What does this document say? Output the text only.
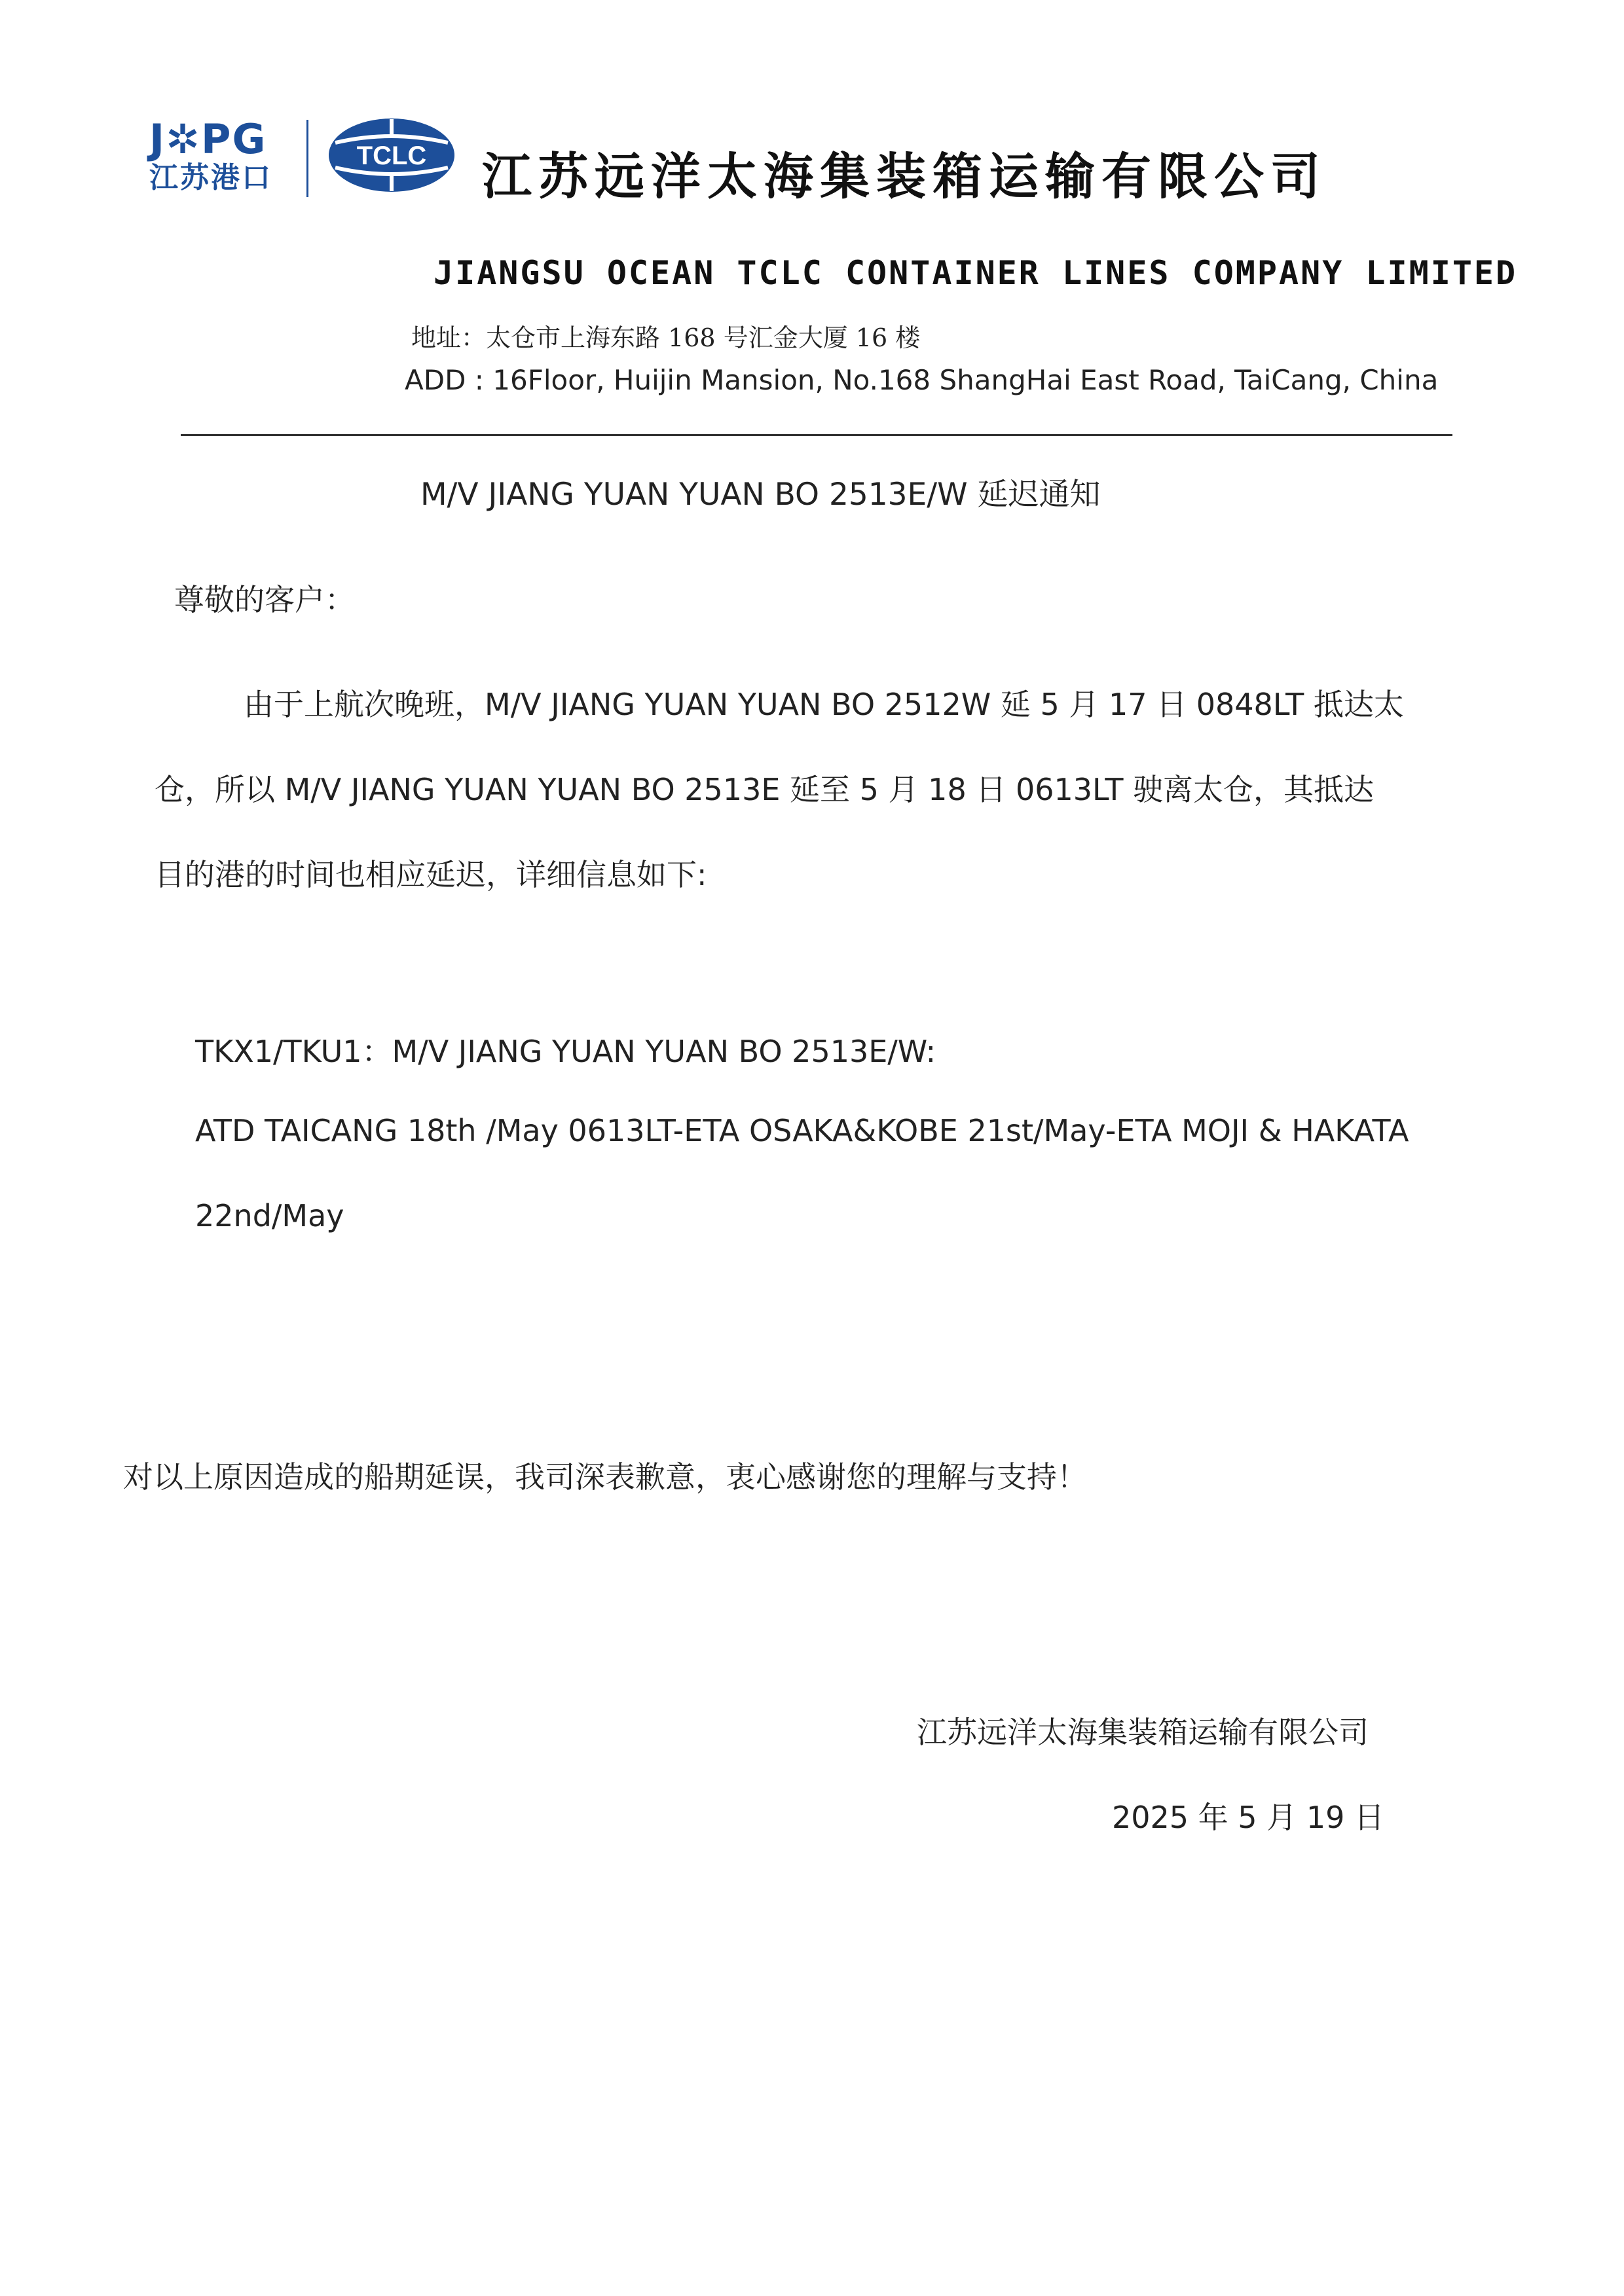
J✲PG
江苏港口
TCLC 江苏远洋太海集装箱运输有限公司
JIANGSU OCEAN TCLC CONTAINER LINES COMPANY LIMITED
地址：太仓市上海东路 168 号汇金大厦 16 楼
ADD : 16Floor, Huijin Mansion, No.168 ShangHai East Road, TaiCang, China
M/V JIANG YUAN YUAN BO 2513E/W 延迟通知
尊敬的客户：
由于上航次晚班，M/V JIANG YUAN YUAN BO 2512W 延 5 月 17 日 0848LT 抵达太
仓，所以 M/V JIANG YUAN YUAN BO 2513E 延至 5 月 18 日 0613LT 驶离太仓，其抵达
目的港的时间也相应延迟，详细信息如下:
TKX1/TKU1：M/V JIANG YUAN YUAN BO 2513E/W:
ATD TAICANG 18th /May 0613LT-ETA OSAKA&KOBE 21st/May-ETA MOJI & HAKATA
22nd/May
对以上原因造成的船期延误，我司深表歉意，衷心感谢您的理解与支持！
江苏远洋太海集装箱运输有限公司
2025 年 5 月 19 日
